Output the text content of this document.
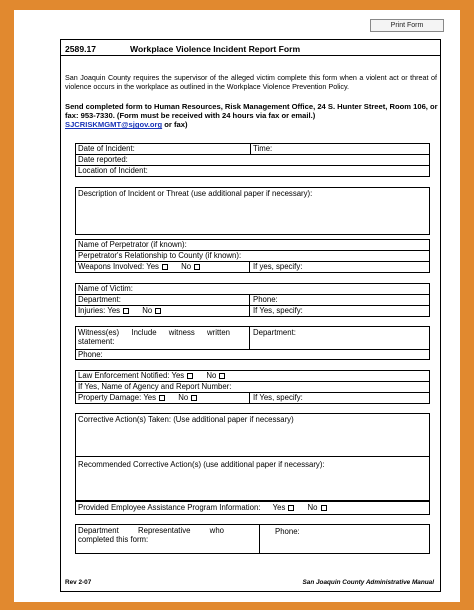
Print Form
2589.17	Workplace Violence Incident Report Form
San Joaquin County requires the supervisor of the alleged victim complete this form when a violent act or threat of violence occurs in the workplace as outlined in the Workplace Violence Prevention Policy.
Send completed form to Human Resources, Risk Management Office, 24 S. Hunter Street, Room 106, or fax: 953-7330. (Form must be received with 24 hours via fax or email.)
SJCRISKMGMT@sjgov.org or fax)
Date of Incident:	Time:
Date reported:
Location of Incident:
Description of Incident or Threat (use additional paper if necessary):
Name of Perpetrator (if known):
Perpetrator's Relationship to County (if known):
Weapons Involved: Yes	No	If yes, specify:
Name of Victim:
Department:	Phone:
Injuries: Yes	No	If Yes, specify:
Witness(es) Include witness written statement:
Department:
Phone:
Law Enforcement Notified: Yes	No
If Yes, Name of Agency and Report Number:
Property Damage: Yes	No	If Yes, specify:
Corrective Action(s) Taken: (Use additional paper if necessary)
Recommended Corrective Action(s) (use additional paper if necessary):
Provided Employee Assistance Program Information: Yes	No
Department Representative who completed this form:
Phone:
Rev 2-07	San Joaquin County Administrative Manual
